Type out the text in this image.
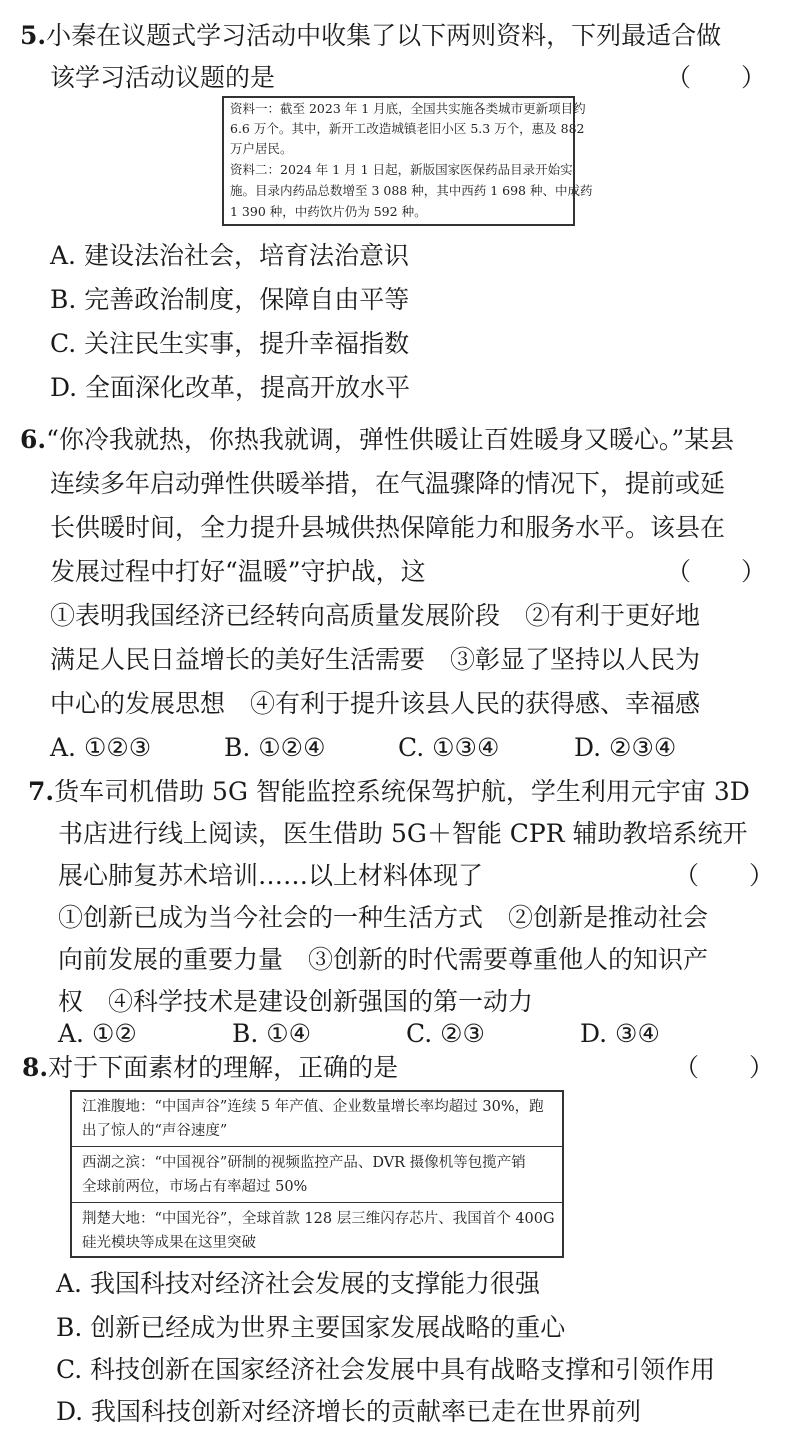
5.小秦在议题式学习活动中收集了以下两则资料，下列最适合做
该学习活动议题的是	（　　）
资料一：截至 2023 年 1 月底，全国共实施各类城市更新项目约
6.6 万个。其中，新开工改造城镇老旧小区 5.3 万个，惠及 882
万户居民。
资料二：2024 年 1 月 1 日起，新版国家医保药品目录开始实
施。目录内药品总数增至 3 088 种，其中西药 1 698 种、中成药
1 390 种，中药饮片仍为 592 种。
A. 建设法治社会，培育法治意识
B. 完善政治制度，保障自由平等
C. 关注民生实事，提升幸福指数
D. 全面深化改革，提高开放水平
6.“你冷我就热，你热我就调，弹性供暖让百姓暖身又暖心。”某县
连续多年启动弹性供暖举措，在气温骤降的情况下，提前或延
长供暖时间，全力提升县城供热保障能力和服务水平。该县在
发展过程中打好“温暖”守护战，这	（　　）
①表明我国经济已经转向高质量发展阶段　②有利于更好地
满足人民日益增长的美好生活需要　③彰显了坚持以人民为
中心的发展思想　④有利于提升该县人民的获得感、幸福感
A. ①②③	B. ①②④	C. ①③④	D. ②③④
7.货车司机借助 5G 智能监控系统保驾护航，学生利用元宇宙 3D
书店进行线上阅读，医生借助 5G＋智能 CPR 辅助教培系统开
展心肺复苏术培训……以上材料体现了	（　　）
①创新已成为当今社会的一种生活方式　②创新是推动社会
向前发展的重要力量　③创新的时代需要尊重他人的知识产
权　④科学技术是建设创新强国的第一动力
A. ①②	B. ①④	C. ②③	D. ③④
8.对于下面素材的理解，正确的是	（　　）
江淮腹地：“中国声谷”连续 5 年产值、企业数量增长率均超过 30%，跑
出了惊人的“声谷速度”
西湖之滨：“中国视谷”研制的视频监控产品、DVR 摄像机等包揽产销
全球前两位，市场占有率超过 50%
荆楚大地：“中国光谷”，全球首款 128 层三维闪存芯片、我国首个 400G
硅光模块等成果在这里突破
A. 我国科技对经济社会发展的支撑能力很强
B. 创新已经成为世界主要国家发展战略的重心
C. 科技创新在国家经济社会发展中具有战略支撑和引领作用
D. 我国科技创新对经济增长的贡献率已走在世界前列
